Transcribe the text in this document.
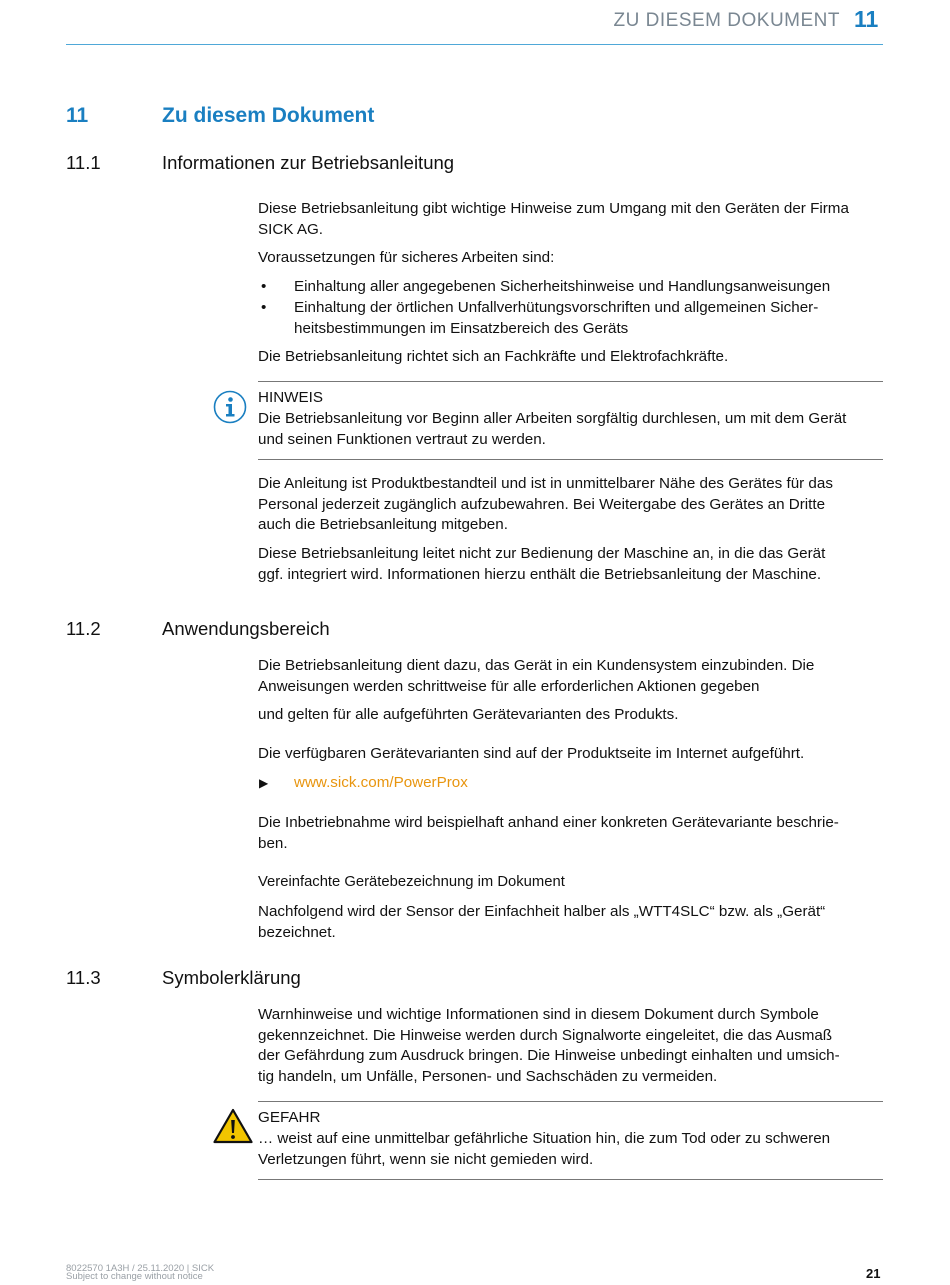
ZU DIESEM DOKUMENT 11
11	Zu diesem Dokument
11.1	Informationen zur Betriebsanleitung
Diese Betriebsanleitung gibt wichtige Hinweise zum Umgang mit den Geräten der Firma
SICK AG.
Voraussetzungen für sicheres Arbeiten sind:
• Einhaltung aller angegebenen Sicherheitshinweise und Handlungsanweisungen
• Einhaltung der örtlichen Unfallverhütungsvorschriften und allgemeinen Sicher-
heitsbestimmungen im Einsatzbereich des Geräts
Die Betriebsanleitung richtet sich an Fachkräfte und Elektrofachkräfte.
HINWEIS
Die Betriebsanleitung vor Beginn aller Arbeiten sorgfältig durchlesen, um mit dem Gerät
und seinen Funktionen vertraut zu werden.
Die Anleitung ist Produktbestandteil und ist in unmittelbarer Nähe des Gerätes für das
Personal jederzeit zugänglich aufzubewahren. Bei Weitergabe des Gerätes an Dritte
auch die Betriebsanleitung mitgeben.
Diese Betriebsanleitung leitet nicht zur Bedienung der Maschine an, in die das Gerät
ggf. integriert wird. Informationen hierzu enthält die Betriebsanleitung der Maschine.
11.2	Anwendungsbereich
Die Betriebsanleitung dient dazu, das Gerät in ein Kundensystem einzubinden. Die
Anweisungen werden schrittweise für alle erforderlichen Aktionen gegeben
und gelten für alle aufgeführten Gerätevarianten des Produkts.
Die verfügbaren Gerätevarianten sind auf der Produktseite im Internet aufgeführt.
▶ www.sick.com/PowerProx
Die Inbetriebnahme wird beispielhaft anhand einer konkreten Gerätevariante beschrie-
ben.
Vereinfachte Gerätebezeichnung im Dokument
Nachfolgend wird der Sensor der Einfachheit halber als „WTT4SLC“ bzw. als „Gerät“
bezeichnet.
11.3	Symbolerklärung
Warnhinweise und wichtige Informationen sind in diesem Dokument durch Symbole
gekennzeichnet. Die Hinweise werden durch Signalworte eingeleitet, die das Ausmaß
der Gefährdung zum Ausdruck bringen. Die Hinweise unbedingt einhalten und umsich-
tig handeln, um Unfälle, Personen- und Sachschäden zu vermeiden.
GEFAHR
… weist auf eine unmittelbar gefährliche Situation hin, die zum Tod oder zu schweren
Verletzungen führt, wenn sie nicht gemieden wird.
8022570 1A3H / 25.11.2020 | SICK
Subject to change without notice	21
